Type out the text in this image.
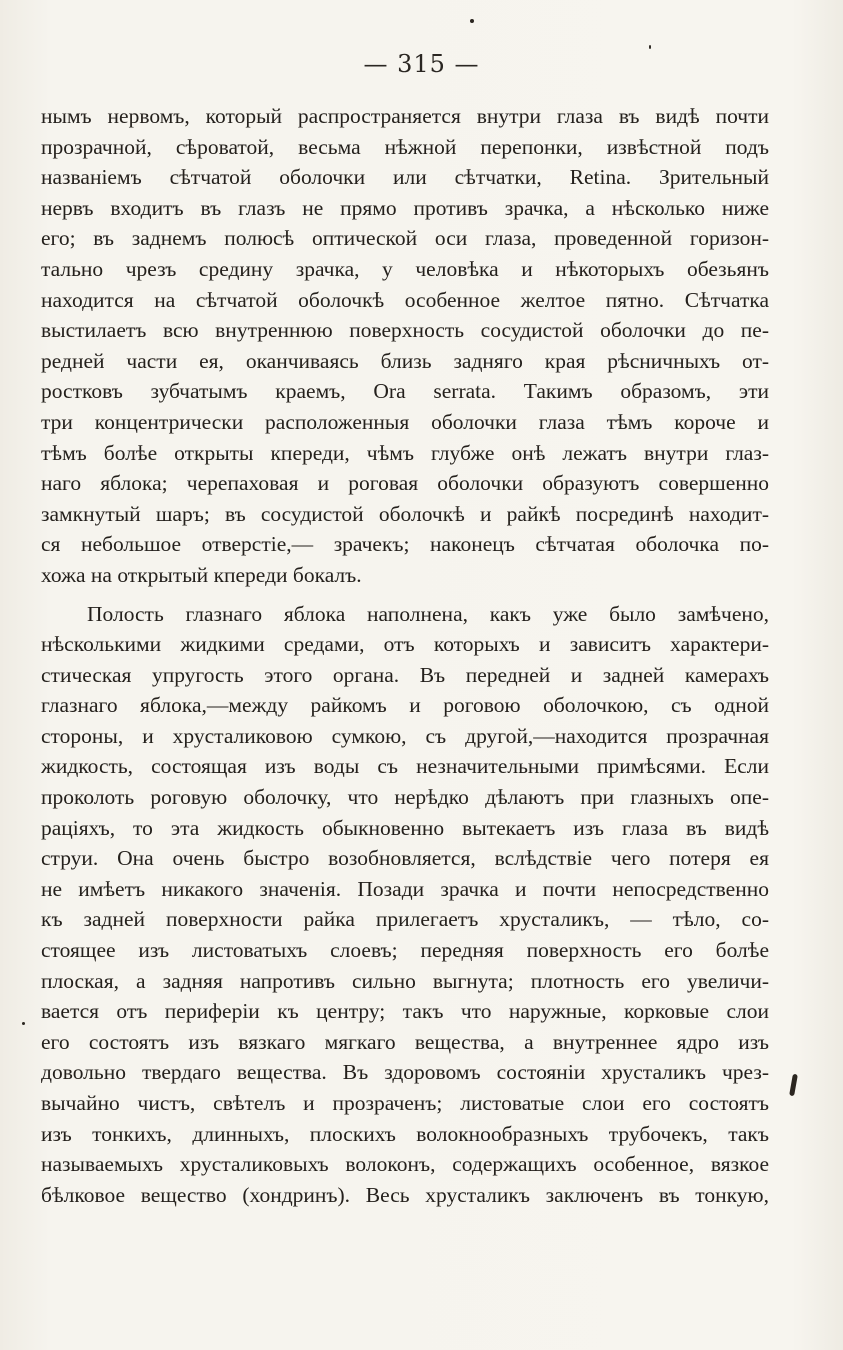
— 315 —
нымъ нервомъ, который распространяется внутри глаза въ видѣ почти
прозрачной, сѣроватой, весьма нѣжной перепонки, извѣстной подъ
названіемъ сѣтчатой оболочки или сѣтчатки, Retina. Зрительный
нервъ входитъ въ глазъ не прямо противъ зрачка, а нѣсколько ниже
его; въ заднемъ полюсѣ оптической оси глаза, проведенной горизон-
тально чрезъ средину зрачка, у человѣка и нѣкоторыхъ обезьянъ
находится на сѣтчатой оболочкѣ особенное желтое пятно. Сѣтчатка
выстилаетъ всю внутреннюю поверхность сосудистой оболочки до пе-
редней части ея, оканчиваясь близь задняго края рѣсничныхъ от-
ростковъ зубчатымъ краемъ, Ora serrata. Такимъ образомъ, эти
три концентрически расположенныя оболочки глаза тѣмъ короче и
тѣмъ болѣе открыты кпереди, чѣмъ глубже онѣ лежатъ внутри глаз-
наго яблока; черепаховая и роговая оболочки образуютъ совершенно
замкнутый шаръ; въ сосудистой оболочкѣ и райкѣ посрединѣ находит-
ся небольшое отверстіе,— зрачекъ; наконецъ сѣтчатая оболочка по-
хожа на открытый кпереди бокалъ.
Полость глазнаго яблока наполнена, какъ уже было замѣчено,
нѣсколькими жидкими средами, отъ которыхъ и зависитъ характери-
стическая упругость этого органа. Въ передней и задней камерахъ
глазнаго яблока,—между райкомъ и роговою оболочкою, съ одной
стороны, и хрусталиковою сумкою, съ другой,—находится прозрачная
жидкость, состоящая изъ воды съ незначительными примѣсями. Если
проколоть роговую оболочку, что нерѣдко дѣлаютъ при глазныхъ опе-
раціяхъ, то эта жидкость обыкновенно вытекаетъ изъ глаза въ видѣ
струи. Она очень быстро возобновляется, вслѣдствіе чего потеря ея
не имѣетъ никакого значенія. Позади зрачка и почти непосредственно
къ задней поверхности райка прилегаетъ хрусталикъ, — тѣло, со-
стоящее изъ листоватыхъ слоевъ; передняя поверхность его болѣе
плоская, а задняя напротивъ сильно выгнута; плотность его увеличи-
вается отъ периферіи къ центру; такъ что наружные, корковые слои
его состоятъ изъ вязкаго мягкаго вещества, а внутреннее ядро изъ
довольно твердаго вещества. Въ здоровомъ состояніи хрусталикъ чрез-
вычайно чистъ, свѣтелъ и прозраченъ; листоватые слои его состоятъ
изъ тонкихъ, длинныхъ, плоскихъ волокнообразныхъ трубочекъ, такъ
называемыхъ хрусталиковыхъ волоконъ, содержащихъ особенное, вязкое
бѣлковое вещество (хондринъ). Весь хрусталикъ заключенъ въ тонкую,
